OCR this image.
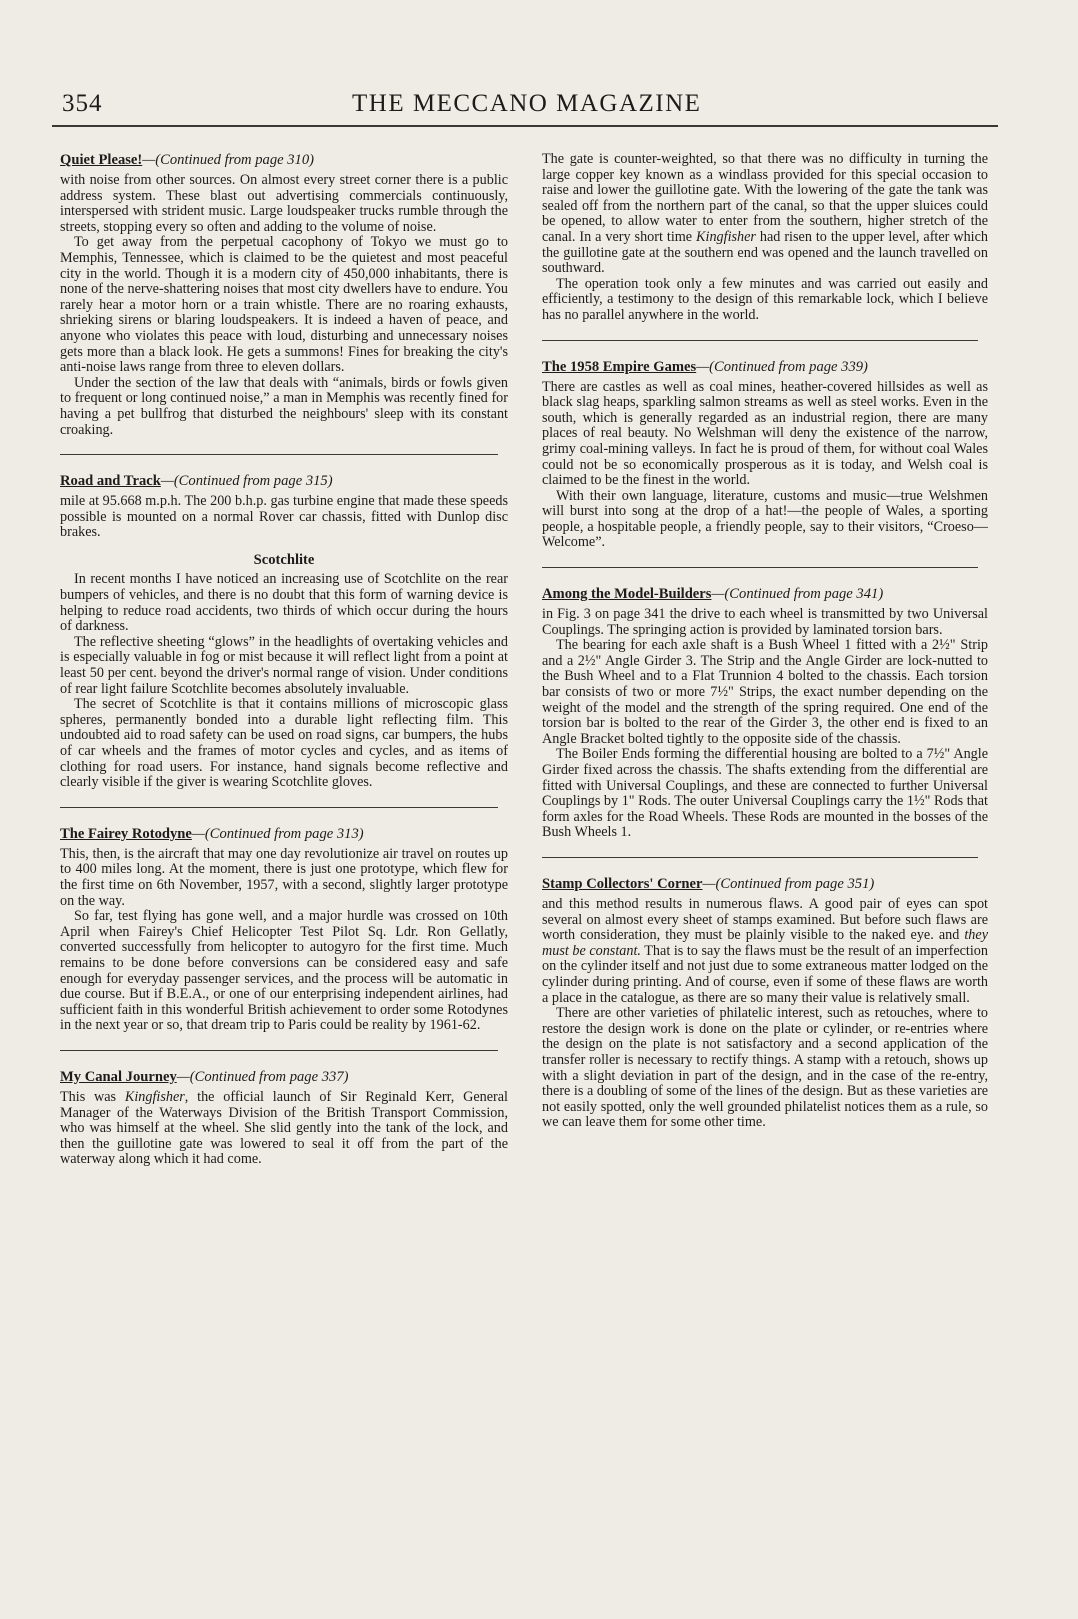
354	THE MECCANO MAGAZINE
Quiet Please!—(Continued from page 310)

with noise from other sources. On almost every street corner there is a public address system. These blast out advertising commercials continuously, interspersed with strident music. Large loudspeaker trucks rumble through the streets, stopping every so often and adding to the volume of noise.

To get away from the perpetual cacophony of Tokyo we must go to Memphis, Tennessee, which is claimed to be the quietest and most peaceful city in the world. Though it is a modern city of 450,000 inhabitants, there is none of the nerve-shattering noises that most city dwellers have to endure. You rarely hear a motor horn or a train whistle. There are no roaring exhausts, shrieking sirens or blaring loudspeakers. It is indeed a haven of peace, and anyone who violates this peace with loud, disturbing and unnecessary noises gets more than a black look. He gets a summons! Fines for breaking the city's anti-noise laws range from three to eleven dollars.

Under the section of the law that deals with “animals, birds or fowls given to frequent or long continued noise,” a man in Memphis was recently fined for having a pet bullfrog that disturbed the neighbours' sleep with its constant croaking.

Road and Track—(Continued from page 315)

mile at 95.668 m.p.h. The 200 b.h.p. gas turbine engine that made these speeds possible is mounted on a normal Rover car chassis, fitted with Dunlop disc brakes.

Scotchlite

In recent months I have noticed an increasing use of Scotchlite on the rear bumpers of vehicles, and there is no doubt that this form of warning device is helping to reduce road accidents, two thirds of which occur during the hours of darkness.

The reflective sheeting “glows” in the headlights of overtaking vehicles and is especially valuable in fog or mist because it will reflect light from a point at least 50 per cent. beyond the driver's normal range of vision. Under conditions of rear light failure Scotchlite becomes absolutely invaluable.

The secret of Scotchlite is that it contains millions of microscopic glass spheres, permanently bonded into a durable light reflecting film. This undoubted aid to road safety can be used on road signs, car bumpers, the hubs of car wheels and the frames of motor cycles and cycles, and as items of clothing for road users. For instance, hand signals become reflective and clearly visible if the giver is wearing Scotchlite gloves.

The Fairey Rotodyne—(Continued from page 313)

This, then, is the aircraft that may one day revolutionize air travel on routes up to 400 miles long. At the moment, there is just one prototype, which flew for the first time on 6th November, 1957, with a second, slightly larger prototype on the way.

So far, test flying has gone well, and a major hurdle was crossed on 10th April when Fairey's Chief Helicopter Test Pilot Sq. Ldr. Ron Gellatly, converted successfully from helicopter to autogyro for the first time. Much remains to be done before conversions can be considered easy and safe enough for everyday passenger services, and the process will be automatic in due course. But if B.E.A., or one of our enterprising independent airlines, had sufficient faith in this wonderful British achievement to order some Rotodynes in the next year or so, that dream trip to Paris could be reality by 1961-62.

My Canal Journey—(Continued from page 337)

This was Kingfisher, the official launch of Sir Reginald Kerr, General Manager of the Waterways Division of the British Transport Commission, who was himself at the wheel. She slid gently into the tank of the lock, and then the guillotine gate was lowered to seal it off from the part of the waterway along which it had come.

The gate is counter-weighted, so that there was no difficulty in turning the large copper key known as a windlass provided for this special occasion to raise and lower the guillotine gate. With the lowering of the gate the tank was sealed off from the northern part of the canal, so that the upper sluices could be opened, to allow water to enter from the southern, higher stretch of the canal. In a very short time Kingfisher had risen to the upper level, after which the guillotine gate at the southern end was opened and the launch travelled on southward.

The operation took only a few minutes and was carried out easily and efficiently, a testimony to the design of this remarkable lock, which I believe has no parallel anywhere in the world.

The 1958 Empire Games—(Continued from page 339)

There are castles as well as coal mines, heather-covered hillsides as well as black slag heaps, sparkling salmon streams as well as steel works. Even in the south, which is generally regarded as an industrial region, there are many places of real beauty. No Welshman will deny the existence of the narrow, grimy coal-mining valleys. In fact he is proud of them, for without coal Wales could not be so economically prosperous as it is today, and Welsh coal is claimed to be the finest in the world.

With their own language, literature, customs and music—true Welshmen will burst into song at the drop of a hat!—the people of Wales, a sporting people, a hospitable people, a friendly people, say to their visitors, “Croeso—Welcome”.

Among the Model-Builders—(Continued from page 341)

in Fig. 3 on page 341 the drive to each wheel is transmitted by two Universal Couplings. The springing action is provided by laminated torsion bars.

The bearing for each axle shaft is a Bush Wheel 1 fitted with a 2½" Strip and a 2½" Angle Girder 3. The Strip and the Angle Girder are lock-nutted to the Bush Wheel and to a Flat Trunnion 4 bolted to the chassis. Each torsion bar consists of two or more 7½" Strips, the exact number depending on the weight of the model and the strength of the spring required. One end of the torsion bar is bolted to the rear of the Girder 3, the other end is fixed to an Angle Bracket bolted tightly to the opposite side of the chassis.

The Boiler Ends forming the differential housing are bolted to a 7½" Angle Girder fixed across the chassis. The shafts extending from the differential are fitted with Universal Couplings, and these are connected to further Universal Couplings by 1" Rods. The outer Universal Couplings carry the 1½" Rods that form axles for the Road Wheels. These Rods are mounted in the bosses of the Bush Wheels 1.

Stamp Collectors' Corner—(Continued from page 351)

and this method results in numerous flaws. A good pair of eyes can spot several on almost every sheet of stamps examined. But before such flaws are worth consideration, they must be plainly visible to the naked eye. and they must be constant. That is to say the flaws must be the result of an imperfection on the cylinder itself and not just due to some extraneous matter lodged on the cylinder during printing. And of course, even if some of these flaws are worth a place in the catalogue, as there are so many their value is relatively small.

There are other varieties of philatelic interest, such as retouches, where to restore the design work is done on the plate or cylinder, or re-entries where the design on the plate is not satisfactory and a second application of the transfer roller is necessary to rectify things. A stamp with a retouch, shows up with a slight deviation in part of the design, and in the case of the re-entry, there is a doubling of some of the lines of the design. But as these varieties are not easily spotted, only the well grounded philatelist notices them as a rule, so we can leave them for some other time.
